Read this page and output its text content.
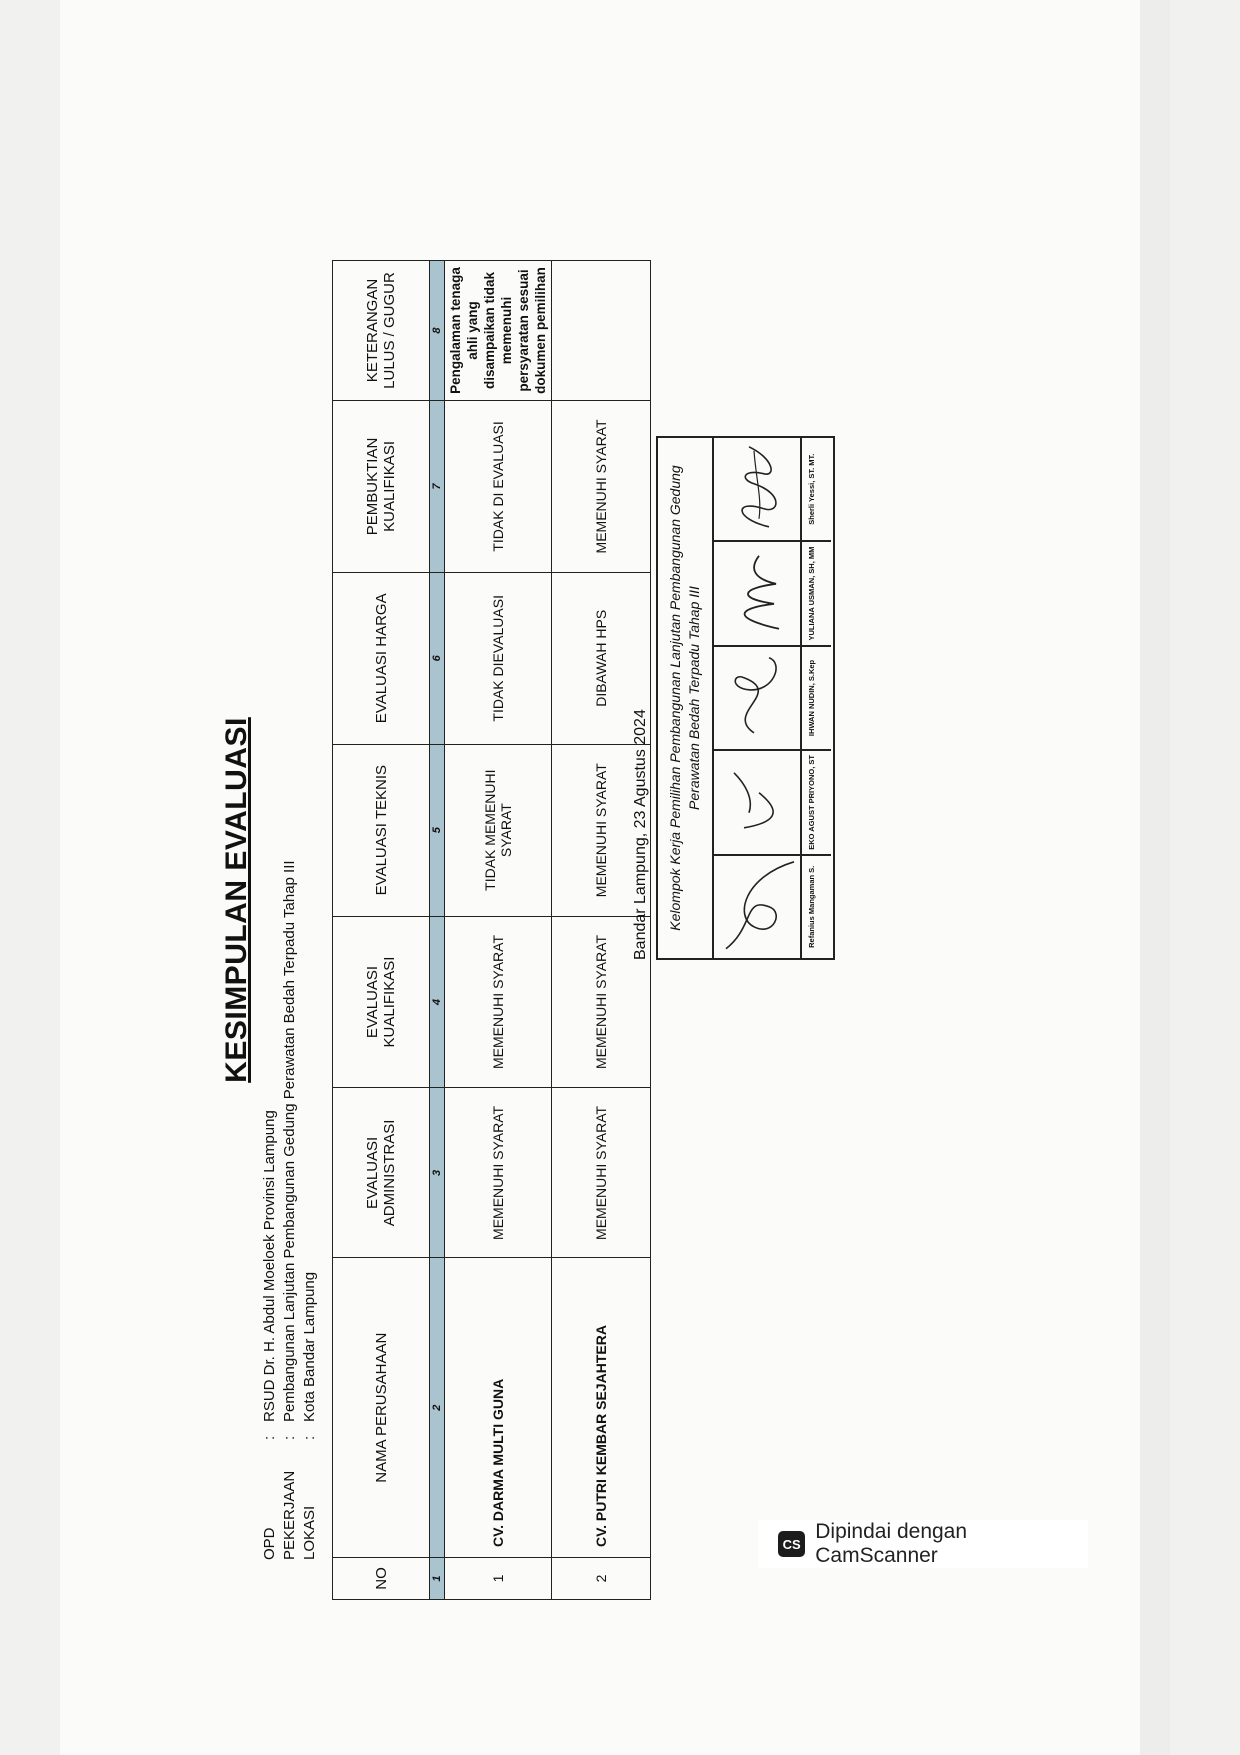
KESIMPULAN EVALUASI
OPD
:
RSUD Dr. H. Abdul Moeloek Provinsi Lampung
PEKERJAAN
:
Pembangunan Lanjutan Pembangunan Gedung Perawatan Bedah Terpadu Tahap III
LOKASI
:
Kota Bandar Lampung
NO	NAMA PERUSAHAAN	EVALUASI ADMINISTRASI	EVALUASI KUALIFIKASI	EVALUASI TEKNIS	EVALUASI HARGA	PEMBUKTIAN KUALIFIKASI	KETERANGAN LULUS / GUGUR
1	2	3	4	5	6	7	8
1	CV. DARMA MULTI GUNA	MEMENUHI SYARAT	MEMENUHI SYARAT	TIDAK MEMENUHI SYARAT	TIDAK DIEVALUASI	TIDAK DI EVALUASI	Pengalaman tenaga ahli yang disampaikan tidak memenuhi persyaratan sesuai dokumen pemilihan
2	CV. PUTRI KEMBAR SEJAHTERA	MEMENUHI SYARAT	MEMENUHI SYARAT	MEMENUHI SYARAT	DIBAWAH HPS	MEMENUHI SYARAT	
Bandar Lampung, 23 Agustus 2024	Kelompok Kerja Pemilihan Pembangunan Lanjutan Pembangunan Gedung Perawatan Bedah Terpadu Tahap III
Refanius Mangaman S.
EKO AGUST PRIYONO, ST
IHWAN NUDIN, S.Kep
YULIANA USMAN, SH, MM
Sherli Yessi, ST. MT.
CS
Dipindai dengan CamScanner
